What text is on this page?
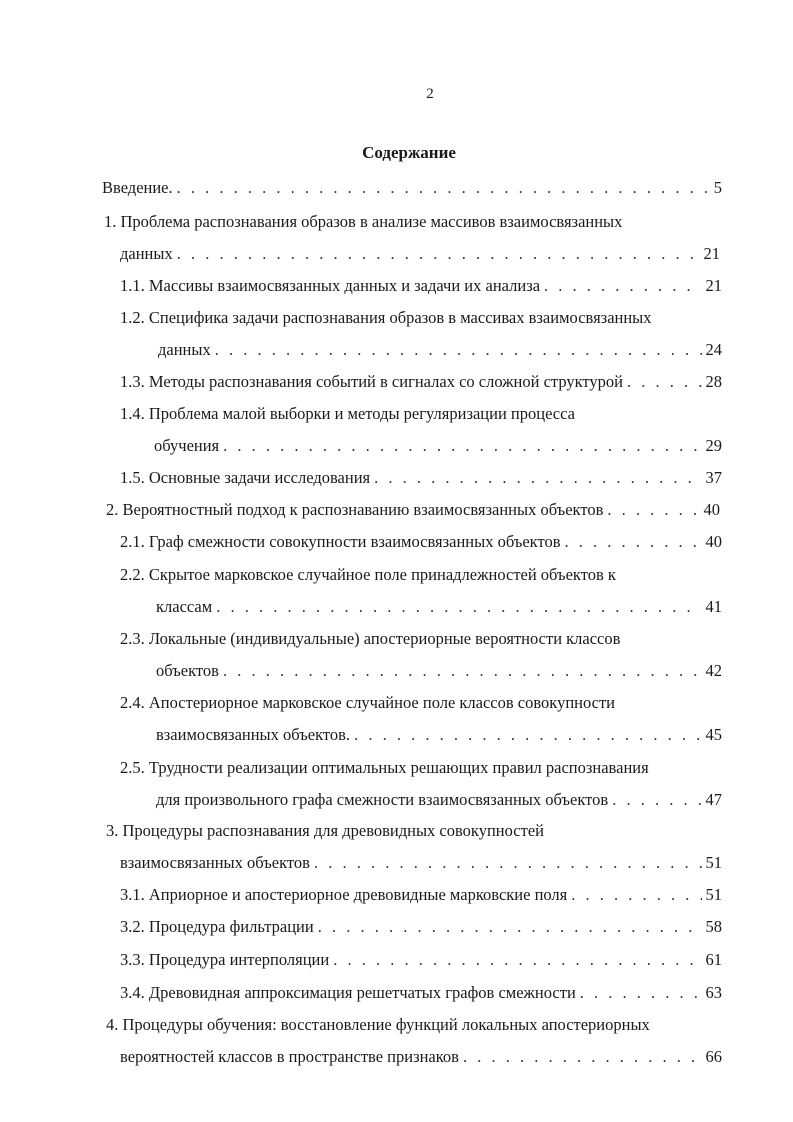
2
Содержание
Введение. . . .	5
1. Проблема распознавания образов в анализе массивов взаимосвязанных
данных . . .	21
1.1. Массивы взаимосвязанных данных и задачи их анализа . . .	21
1.2. Специфика задачи распознавания образов в массивах взаимосвязанных
данных . . .	24
1.3. Методы распознавания событий в сигналах со сложной структурой . . .	28
1.4. Проблема малой выборки и методы регуляризации процесса
обучения . . .	29
1.5. Основные задачи исследования . . .	37
2. Вероятностный подход к распознаванию взаимосвязанных объектов . . .	40
2.1. Граф смежности совокупности взаимосвязанных объектов . . .	40
2.2. Скрытое марковское случайное поле принадлежностей объектов к
классам . . .	41
2.3. Локальные (индивидуальные) апостериорные вероятности классов
объектов . . .	42
2.4. Апостериорное марковское случайное поле классов совокупности
взаимосвязанных объектов. . . .	45
2.5. Трудности реализации оптимальных решающих правил распознавания
для произвольного графа смежности взаимосвязанных объектов . . .	47
3. Процедуры распознавания для древовидных совокупностей
взаимосвязанных объектов . . .	51
3.1. Априорное и апостериорное древовидные марковские поля . . .	51
3.2. Процедура фильтрации . . .	58
3.3. Процедура интерполяции . . .	61
3.4. Древовидная аппроксимация решетчатых графов смежности . . .	63
4. Процедуры обучения: восстановление функций локальных апостериорных
вероятностей классов в пространстве признаков . . .	66
